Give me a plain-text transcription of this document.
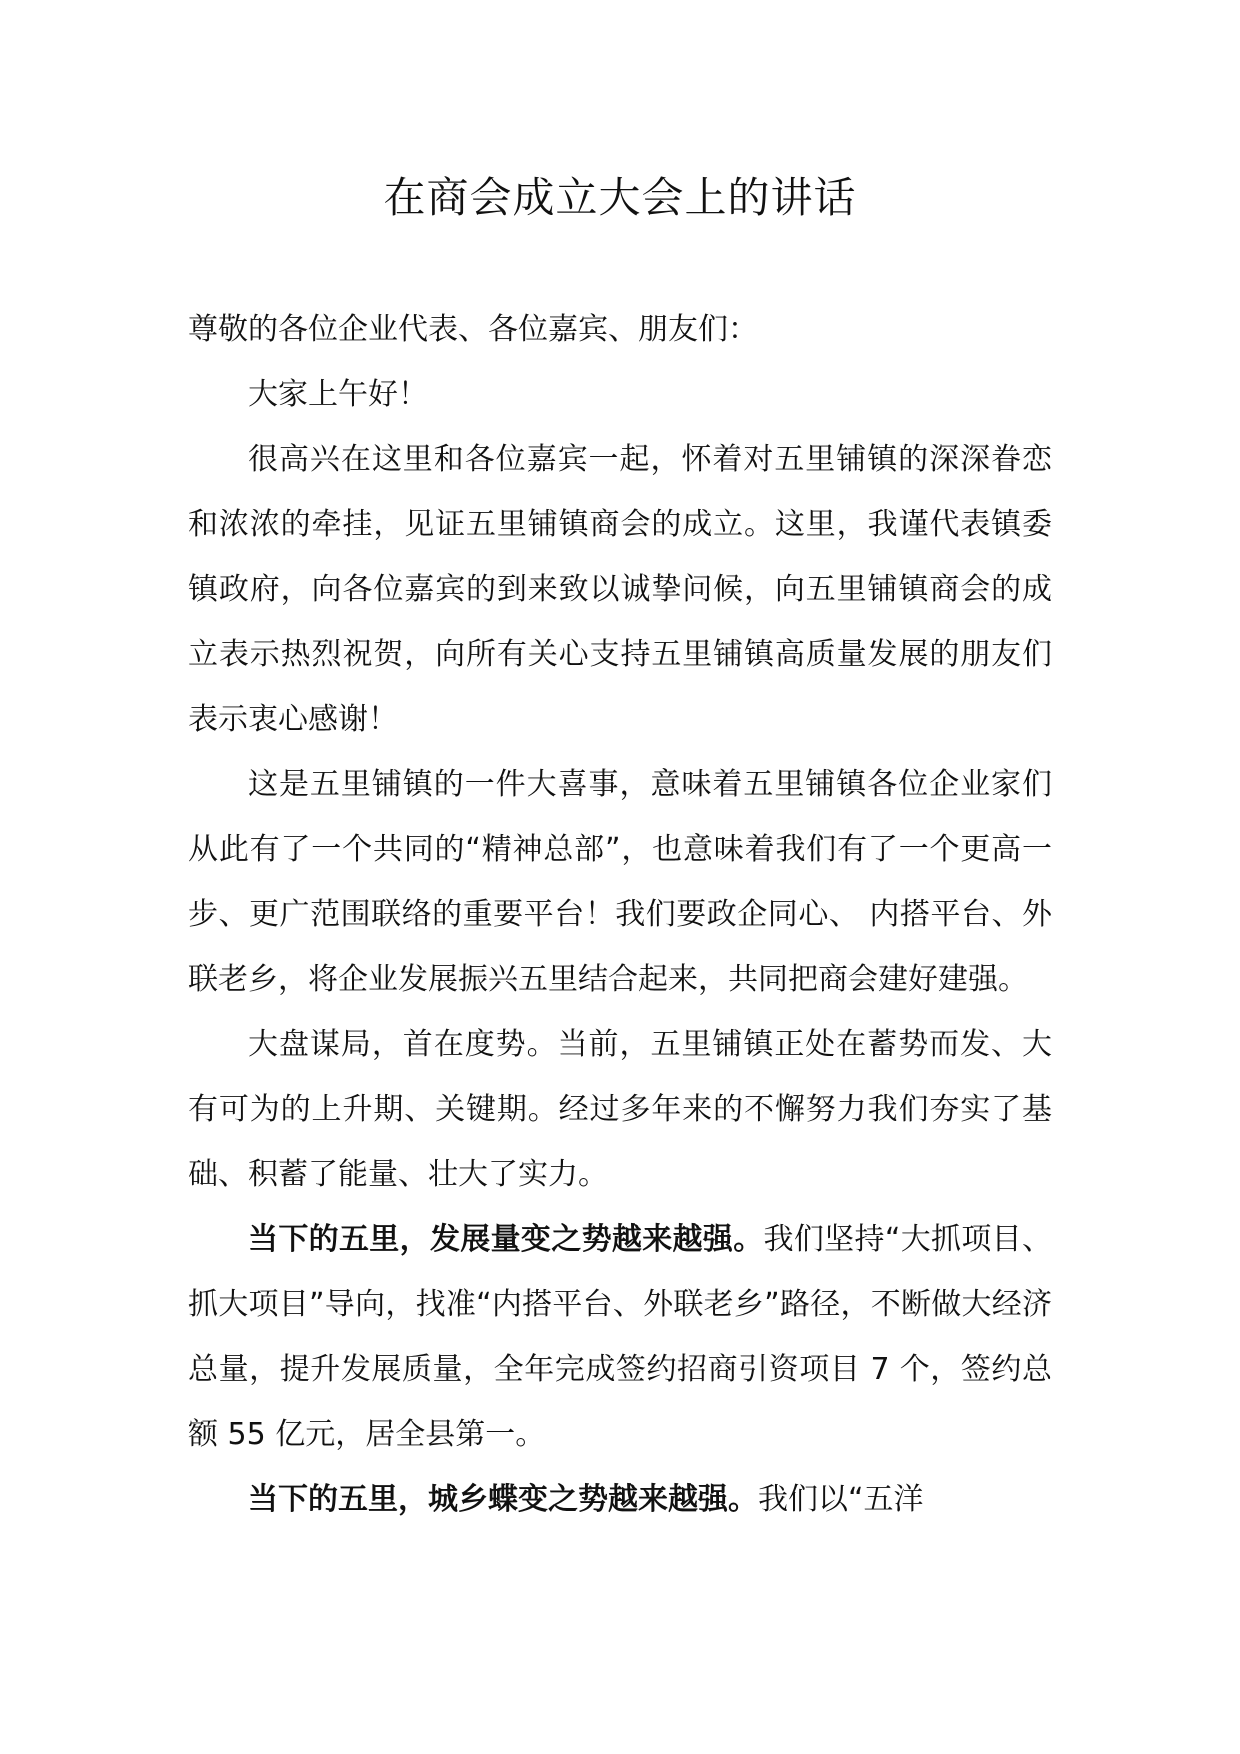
在商会成立大会上的讲话

尊敬的各位企业代表、各位嘉宾、朋友们：

大家上午好！

很高兴在这里和各位嘉宾一起，怀着对五里铺镇的深深眷恋和浓浓的牵挂，见证五里铺镇商会的成立。这里，我谨代表镇委镇政府，向各位嘉宾的到来致以诚挚问候，向五里铺镇商会的成立表示热烈祝贺，向所有关心支持五里铺镇高质量发展的朋友们表示衷心感谢！

这是五里铺镇的一件大喜事，意味着五里铺镇各位企业家们从此有了一个共同的“精神总部”，也意味着我们有了一个更高一步、更广范围联络的重要平台！我们要政企同心、 内搭平台、外联老乡，将企业发展振兴五里结合起来，共同把商会建好建强。

大盘谋局，首在度势。当前，五里铺镇正处在蓄势而发、大有可为的上升期、关键期。经过多年来的不懈努力我们夯实了基础、积蓄了能量、壮大了实力。

当下的五里，发展量变之势越来越强。我们坚持“大抓项目、抓大项目”导向，找准“内搭平台、外联老乡”路径，不断做大经济总量，提升发展质量，全年完成签约招商引资项目 7 个，签约总额 55 亿元，居全县第一。

当下的五里，城乡蝶变之势越来越强。我们以“五洋
